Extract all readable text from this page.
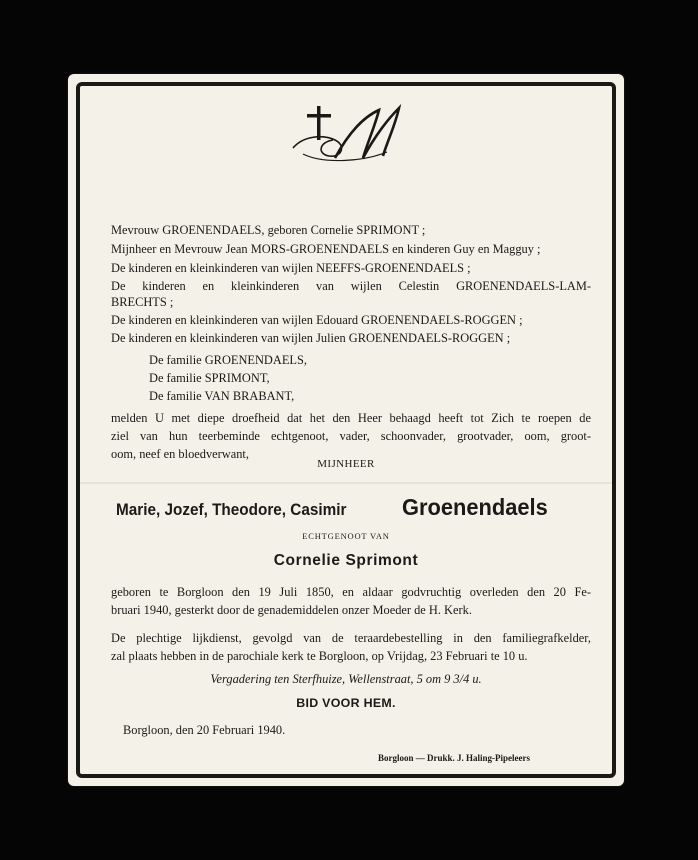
Mevrouw GROENENDAELS, geboren Cornelie SPRIMONT ;
Mijnheer en Mevrouw Jean MORS-GROENENDAELS en kinderen Guy en Magguy ;
De kinderen en kleinkinderen van wijlen NEEFFS-GROENENDAELS ;
De kinderen en kleinkinderen van wijlen Celestin GROENENDAELS-LAM-
BRECHTS ;
De kinderen en kleinkinderen van wijlen Edouard GROENENDAELS-ROGGEN ;
De kinderen en kleinkinderen van wijlen Julien GROENENDAELS-ROGGEN ;
De familie GROENENDAELS,
De familie SPRIMONT,
De familie VAN BRABANT,
melden U met diepe droefheid dat het den Heer behaagd heeft tot Zich te roepen de
ziel van hun teerbeminde echtgenoot, vader, schoonvader, grootvader, oom, groot-
oom, neef en bloedverwant,
MIJNHEER
Marie, Jozef, Theodore, Casimir Groenendaels
ECHTGENOOT VAN
Cornelie Sprimont
geboren te Borgloon den 19 Juli 1850, en aldaar godvruchtig overleden den 20 Fe-
bruari 1940, gesterkt door de genademiddelen onzer Moeder de H. Kerk.
De plechtige lijkdienst, gevolgd van de teraardebestelling in den familiegrafkelder,
zal plaats hebben in de parochiale kerk te Borgloon, op Vrijdag, 23 Februari te 10 u.
Vergadering ten Sterfhuize, Wellenstraat, 5 om 9 3/4 u.
BID VOOR HEM.
Borgloon, den 20 Februari 1940.
Borgloon — Drukk. J. Haling-Pipeleers
